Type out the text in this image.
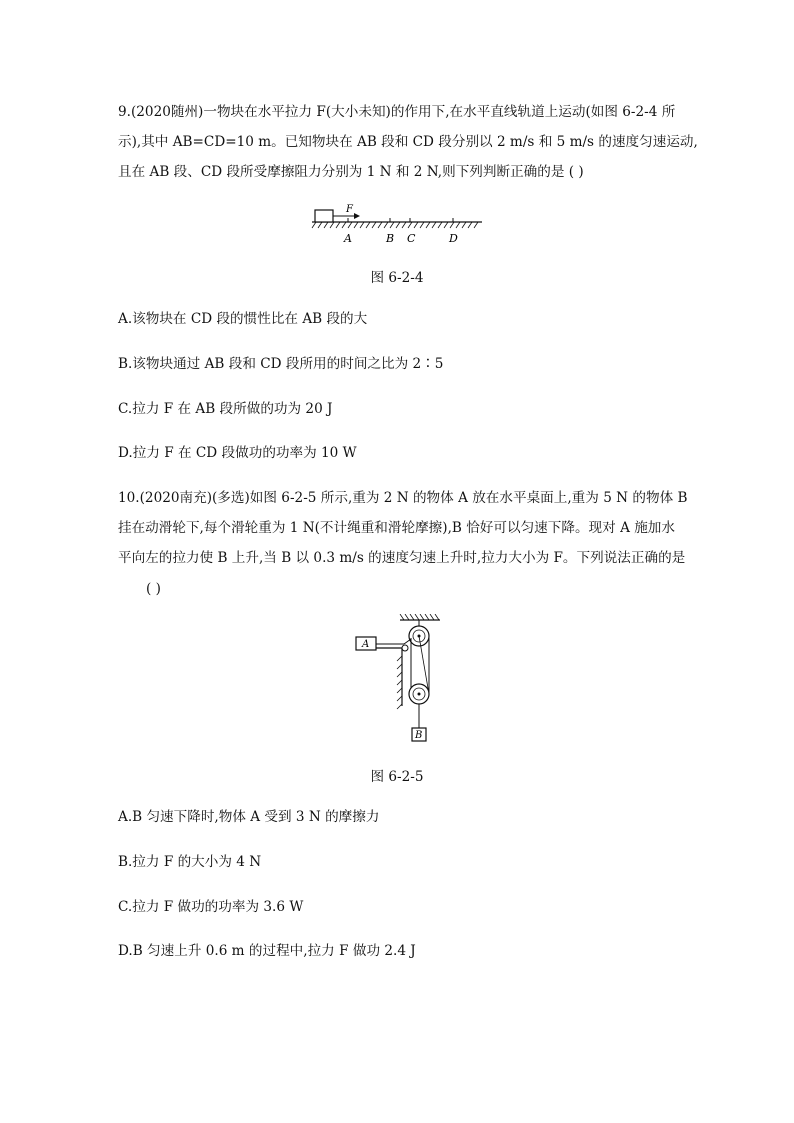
9.(2020随州)一物块在水平拉力 F(大小未知)的作用下,在水平直线轨道上运动(如图 6-2-4 所
示),其中 AB=CD=10 m。已知物块在 AB 段和 CD 段分别以 2 m/s 和 5 m/s 的速度匀速运动,
且在 AB 段、CD 段所受摩擦阻力分别为 1 N 和 2 N,则下列判断正确的是 ( )
F
A	B C	D
图 6-2-4
A.该物块在 CD 段的惯性比在 AB 段的大
B.该物块通过 AB 段和 CD 段所用的时间之比为 2∶5
C.拉力 F 在 AB 段所做的功为 20 J
D.拉力 F 在 CD 段做功的功率为 10 W
10.(2020南充)(多选)如图 6-2-5 所示,重为 2 N 的物体 A 放在水平桌面上,重为 5 N 的物体 B
挂在动滑轮下,每个滑轮重为 1 N(不计绳重和滑轮摩擦),B 恰好可以匀速下降。现对 A 施加水
平向左的拉力使 B 上升,当 B 以 0.3 m/s 的速度匀速上升时,拉力大小为 F。下列说法正确的是
( )
A
B
图 6-2-5
A.B 匀速下降时,物体 A 受到 3 N 的摩擦力
B.拉力 F 的大小为 4 N
C.拉力 F 做功的功率为 3.6 W
D.B 匀速上升 0.6 m 的过程中,拉力 F 做功 2.4 J
